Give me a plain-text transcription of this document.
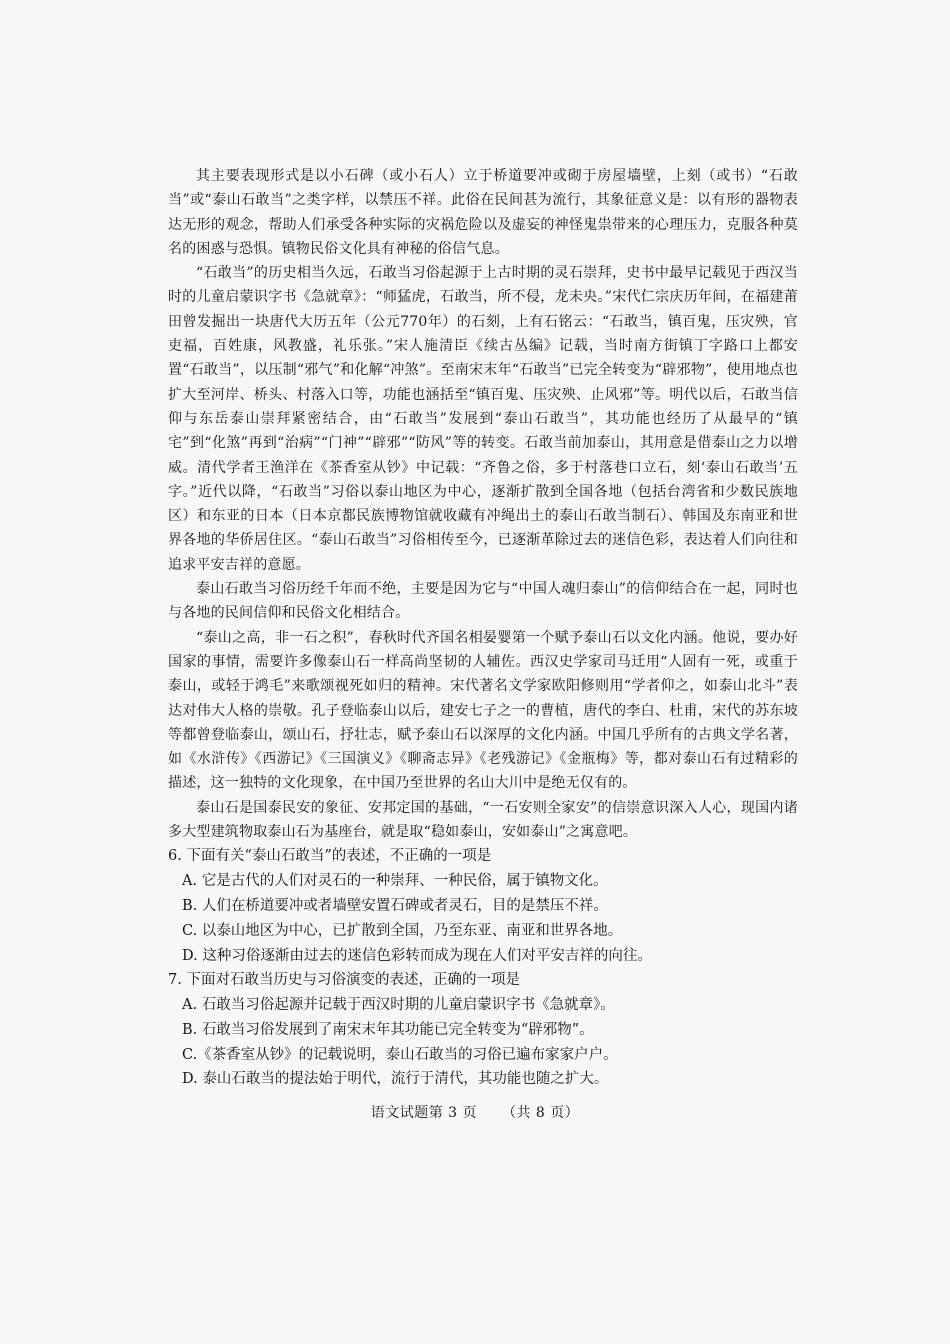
其主要表现形式是以小石碑（或小石人）立于桥道要冲或砌于房屋墙壁，上刻（或书）“石敢当”或“泰山石敢当”之类字样，以禁压不祥。此俗在民间甚为流行，其象征意义是：以有形的器物表达无形的观念，帮助人们承受各种实际的灾祸危险以及虚妄的神怪鬼祟带来的心理压力，克服各种莫名的困惑与恐惧。镇物民俗文化具有神秘的俗信气息。

“石敢当”的历史相当久远，石敢当习俗起源于上古时期的灵石崇拜，史书中最早记载见于西汉当时的儿童启蒙识字书《急就章》：“师猛虎，石敢当，所不侵，龙未央。”宋代仁宗庆历年间，在福建莆田曾发掘出一块唐代大历五年（公元770年）的石刻，上有石铭云：“石敢当，镇百鬼，压灾殃，官吏福，百姓康，风教盛，礼乐张。”宋人施清臣《续古丛编》记载，当时南方街镇丁字路口上都安置“石敢当”，以压制“邪气”和化解“冲煞”。至南宋末年“石敢当”已完全转变为“辟邪物”，使用地点也扩大至河岸、桥头、村落入口等，功能也涵括至“镇百鬼、压灾殃、止风邪”等。明代以后，石敢当信仰与东岳泰山崇拜紧密结合，由“石敢当”发展到“泰山石敢当”，其功能也经历了从最早的“镇宅”到“化煞”再到“治病”“门神”“辟邪”“防风”等的转变。石敢当前加泰山，其用意是借泰山之力以增威。清代学者王渔洋在《茶香室从钞》中记载：“齐鲁之俗，多于村落巷口立石，刻‘泰山石敢当’五字。”近代以降，“石敢当”习俗以泰山地区为中心，逐渐扩散到全国各地（包括台湾省和少数民族地区）和东亚的日本（日本京都民族博物馆就收藏有冲绳出土的泰山石敢当制石）、韩国及东南亚和世界各地的华侨居住区。“泰山石敢当”习俗相传至今，已逐渐革除过去的迷信色彩，表达着人们向往和追求平安吉祥的意愿。

泰山石敢当习俗历经千年而不绝，主要是因为它与“中国人魂归泰山”的信仰结合在一起，同时也与各地的民间信仰和民俗文化相结合。

“泰山之高，非一石之积”，春秋时代齐国名相晏婴第一个赋予泰山石以文化内涵。他说，要办好国家的事情，需要许多像泰山石一样高尚坚韧的人辅佐。西汉史学家司马迁用“人固有一死，或重于泰山，或轻于鸿毛”来歌颂视死如归的精神。宋代著名文学家欧阳修则用“学者仰之，如泰山北斗”表达对伟大人格的崇敬。孔子登临泰山以后，建安七子之一的曹植，唐代的李白、杜甫，宋代的苏东坡等都曾登临泰山，颂山石，抒壮志，赋予泰山石以深厚的文化内涵。中国几乎所有的古典文学名著，如《水浒传》《西游记》《三国演义》《聊斋志异》《老残游记》《金瓶梅》等，都对泰山石有过精彩的描述，这一独特的文化现象，在中国乃至世界的名山大川中是绝无仅有的。

泰山石是国泰民安的象征、安邦定国的基础，“一石安则全家安”的信崇意识深入人心，现国内诸多大型建筑物取泰山石为基座台，就是取“稳如泰山，安如泰山”之寓意吧。

6. 下面有关“泰山石敢当”的表述，不正确的一项是

A. 它是古代的人们对灵石的一种崇拜、一种民俗，属于镇物文化。

B. 人们在桥道要冲或者墙壁安置石碑或者灵石，目的是禁压不祥。

C. 以泰山地区为中心，已扩散到全国，乃至东亚、南亚和世界各地。

D. 这种习俗逐渐由过去的迷信色彩转而成为现在人们对平安吉祥的向往。

7. 下面对石敢当历史与习俗演变的表述，正确的一项是

A. 石敢当习俗起源并记载于西汉时期的儿童启蒙识字书《急就章》。

B. 石敢当习俗发展到了南宋末年其功能已完全转变为“辟邪物”。

C.《茶香室从钞》的记载说明，泰山石敢当的习俗已遍布家家户户。

D. 泰山石敢当的提法始于明代，流行于清代，其功能也随之扩大。

语文试题第 3 页 （共 8 页）
